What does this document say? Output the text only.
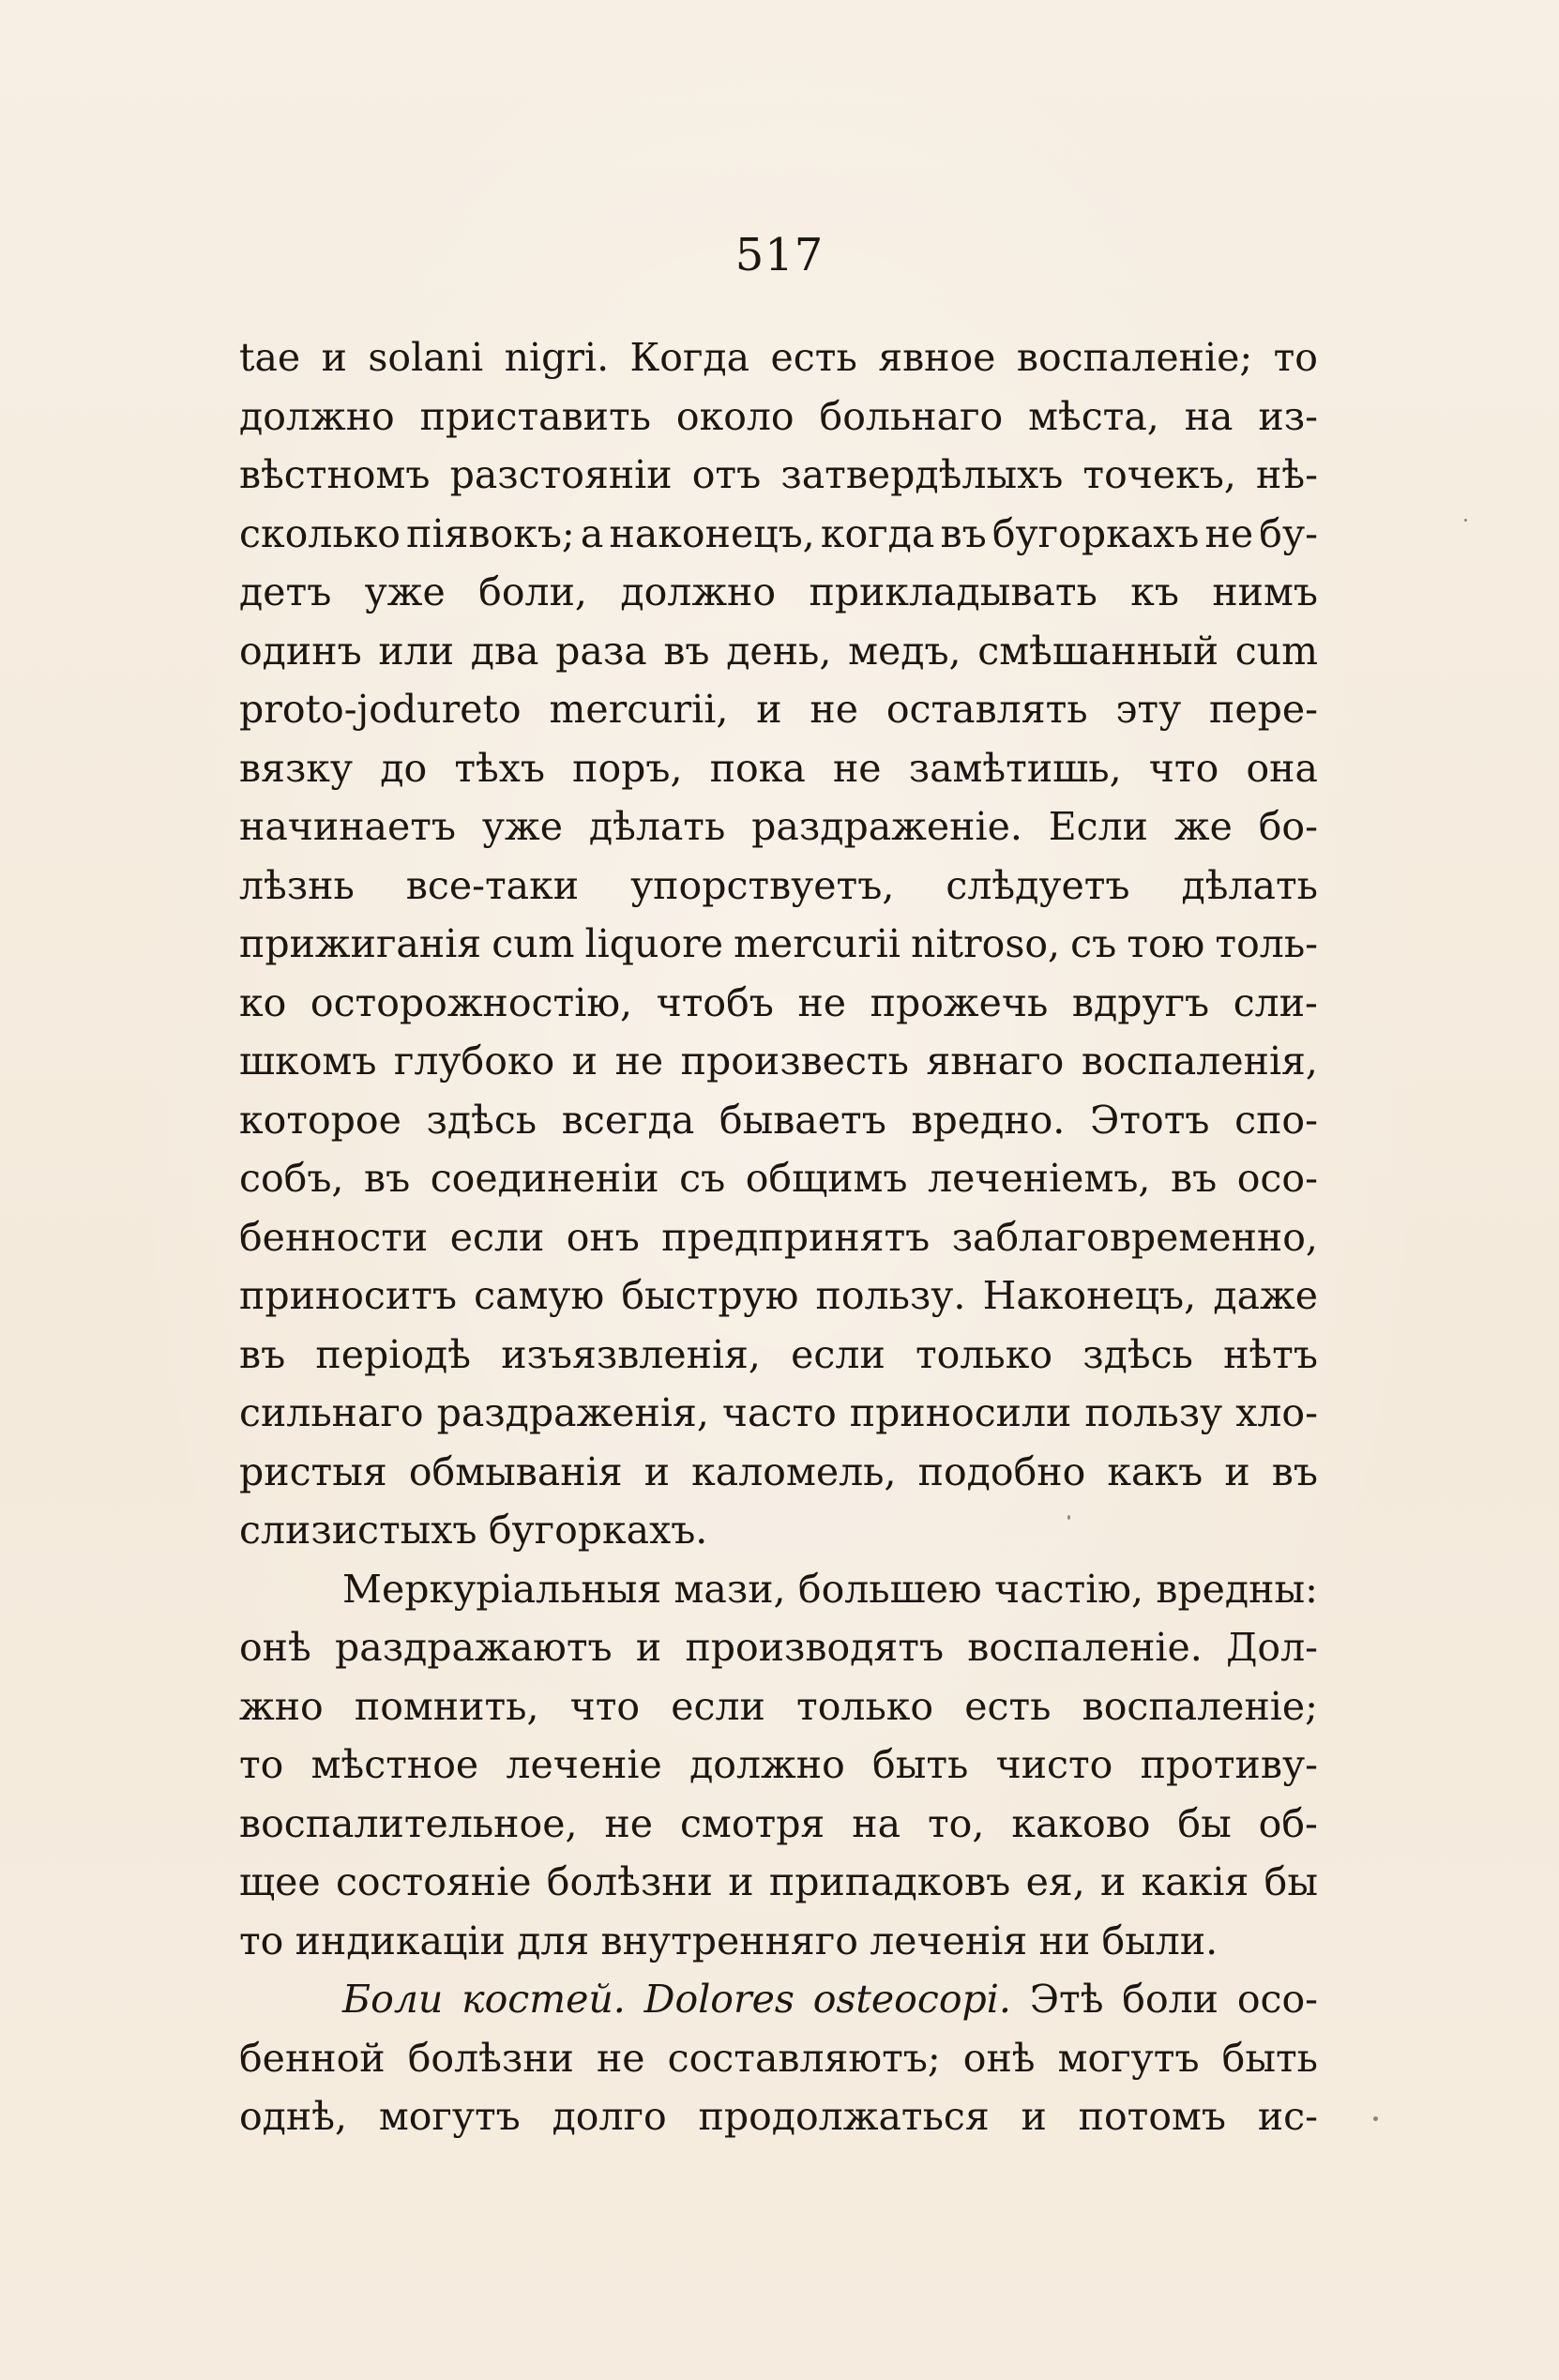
517
tae и solani nigri. Когда есть явное воспаленіе; то
должно приставить около больнаго мѣста, на из-
вѣстномъ разстояніи отъ затвердѣлыхъ точекъ, нѣ-
сколько піявокъ; а наконецъ, когда въ бугоркахъ не бу-
детъ уже боли, должно прикладывать къ нимъ
одинъ или два раза въ день, медъ, смѣшанный cum
proto-joduretо mercurii, и не оставлять эту пере-
вязку до тѣхъ поръ, пока не замѣтишь, что она
начинаетъ уже дѣлать раздраженіе. Если же бо-
лѣзнь все-таки упорствуетъ, слѣдуетъ дѣлать
прижиганія cum liquore mercurii nitroso, съ тою толь-
ко осторожностію, чтобъ не прожечь вдругъ сли-
шкомъ глубоко и не произвесть явнаго воспаленія,
которое здѣсь всегда бываетъ вредно. Этотъ спо-
собъ, въ соединеніи съ общимъ леченіемъ, въ осо-
бенности если онъ предпринятъ заблаговременно,
приноситъ самую быструю пользу. Наконецъ, даже
въ періодѣ изъязвленія, если только здѣсь нѣтъ
сильнаго раздраженія, часто приносили пользу хло-
ристыя обмыванія и каломель, подобно какъ и въ
слизистыхъ бугоркахъ.
Меркуріальныя мази, большею частію, вредны:
онѣ раздражаютъ и производятъ воспаленіе. Дол-
жно помнить, что если только есть воспаленіе;
то мѣстное леченіе должно быть чисто противу-
воспалительное, не смотря на то, каково бы об-
щее состояніе болѣзни и припадковъ ея, и какія бы
то индикаціи для внутренняго леченія ни были.
Боли костей. Dolores osteocopi. Этѣ боли осо-
бенной болѣзни не составляютъ; онѣ могутъ быть
однѣ, могутъ долго продолжаться и потомъ ис-
